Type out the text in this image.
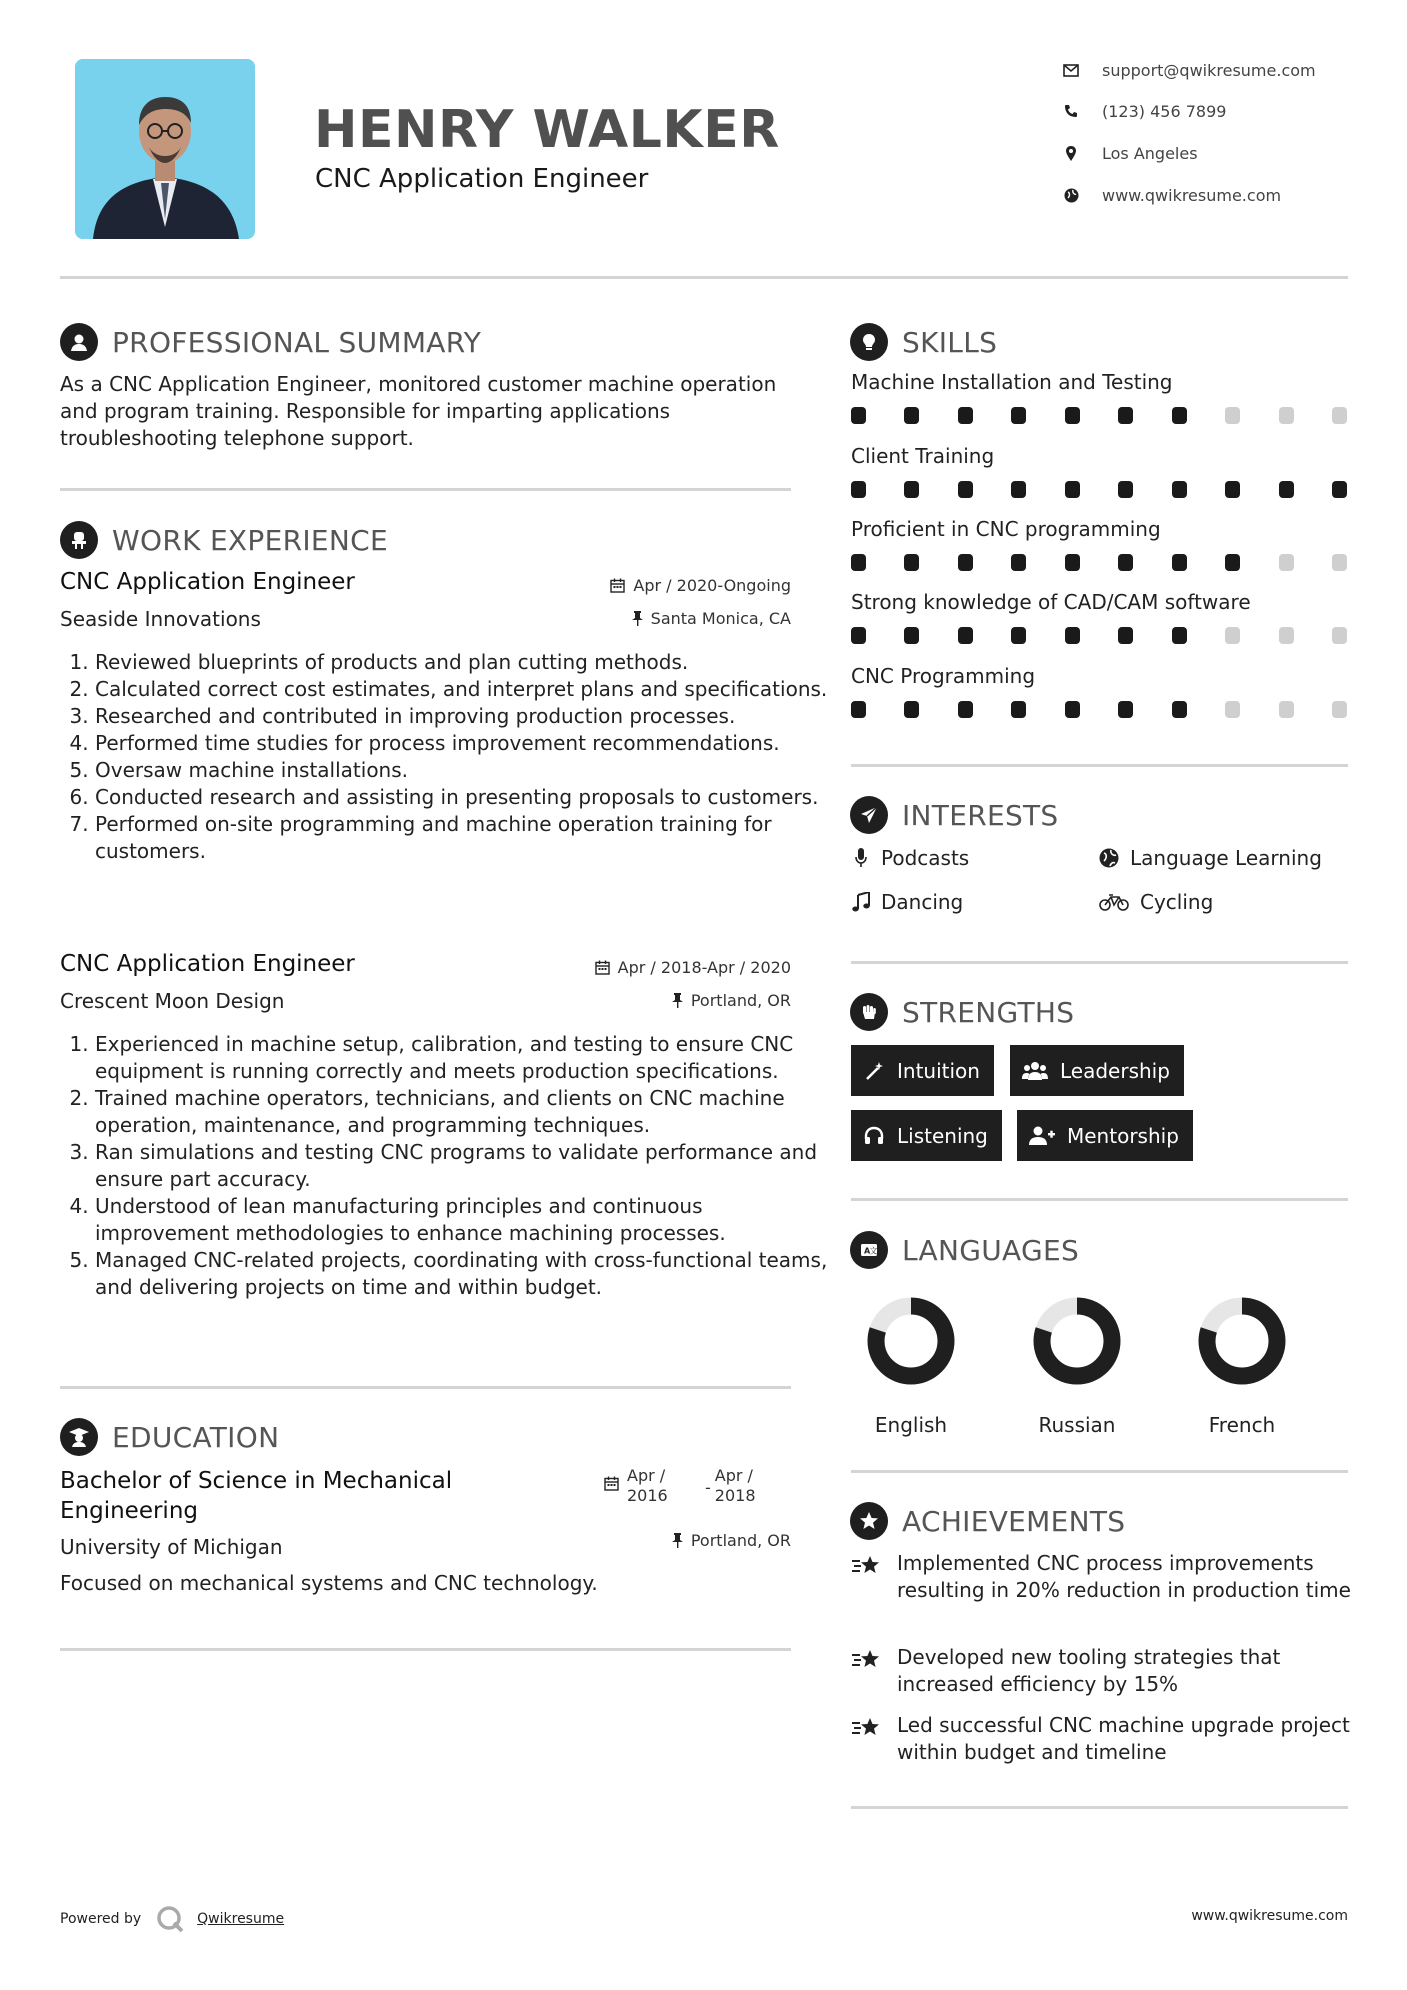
HENRY WALKER
CNC Application Engineer
support@qwikresume.com
(123) 456 7899
Los Angeles
www.qwikresume.com
PROFESSIONAL SUMMARY
As a CNC Application Engineer, monitored customer machine operation and program training. Responsible for imparting applications troubleshooting telephone support.
WORK EXPERIENCE
CNC Application Engineer	Apr / 2020-Ongoing
Seaside Innovations	Santa Monica, CA
1. Reviewed blueprints of products and plan cutting methods.
2. Calculated correct cost estimates, and interpret plans and specifications.
3. Researched and contributed in improving production processes.
4. Performed time studies for process improvement recommendations.
5. Oversaw machine installations.
6. Conducted research and assisting in presenting proposals to customers.
7. Performed on-site programming and machine operation training for customers.
CNC Application Engineer	Apr / 2018-Apr / 2020
Crescent Moon Design	Portland, OR
1. Experienced in machine setup, calibration, and testing to ensure CNC equipment is running correctly and meets production specifications.
2. Trained machine operators, technicians, and clients on CNC machine operation, maintenance, and programming techniques.
3. Ran simulations and testing CNC programs to validate performance and ensure part accuracy.
4. Understood of lean manufacturing principles and continuous improvement methodologies to enhance machining processes.
5. Managed CNC-related projects, coordinating with cross-functional teams, and delivering projects on time and within budget.
EDUCATION
Bachelor of Science in Mechanical Engineering
Apr / 2016	-
Apr / 2018
University of Michigan	Portland, OR
Focused on mechanical systems and CNC technology.
SKILLS
Machine Installation and Testing
Client Training
Proficient in CNC programming
Strong knowledge of CAD/CAM software
CNC Programming
INTERESTS
Podcasts	Language Learning
Dancing	Cycling
STRENGTHS
Intuition	Leadership
Listening	Mentorship
A 文 LANGUAGES
English	Russian	French
ACHIEVEMENTS
Implemented CNC process improvements resulting in 20% reduction in production time
Developed new tooling strategies that increased efficiency by 15%
Led successful CNC machine upgrade project within budget and timeline
Powered by	Qwikresume	www.qwikresume.com
